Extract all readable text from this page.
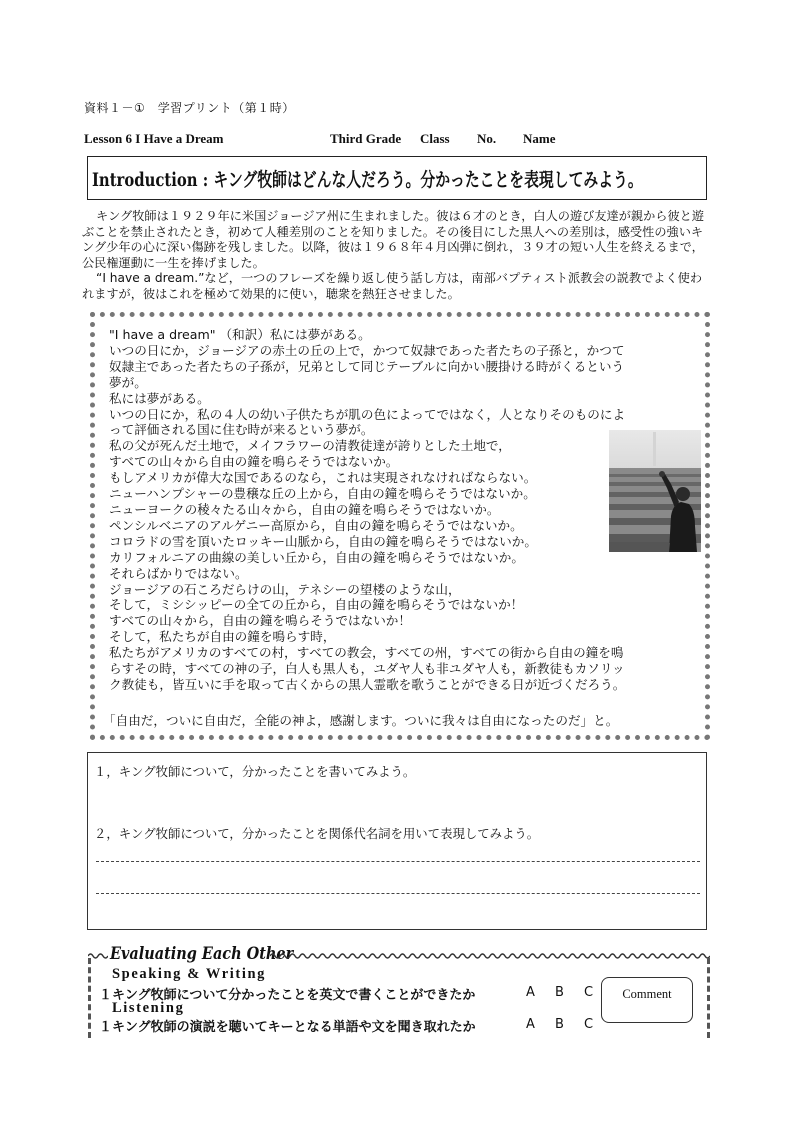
資料１－①　学習プリント（第１時）
Lesson 6 I Have a Dream	Third Grade Class No. Name
Introduction : キング牧師はどんな人だろう。分かったことを表現してみよう。

キング牧師は１９２９年に米国ジョージア州に生まれました。彼は６才のとき，白人の遊び友達が親から彼と遊ぶことを禁止されたとき，初めて人種差別のことを知りました。その後目にした黒人への差別は，感受性の強いキング少年の心に深い傷跡を残しました。以降，彼は１９６８年４月凶弾に倒れ，３９才の短い人生を終えるまで，公民権運動に一生を捧げました。

“I have a dream.”など，一つのフレーズを繰り返し使う話し方は，南部バプティスト派教会の説教でよく使われますが，彼はこれを極めて効果的に使い，聴衆を熱狂させました。

"I have a dream" （和訳）私には夢がある。
いつの日にか，ジョージアの赤土の丘の上で，かつて奴隷であった者たちの子孫と，かつて
奴隷主であった者たちの子孫が，兄弟として同じテーブルに向かい腰掛ける時がくるという
夢が。
私には夢がある。
いつの日にか，私の４人の幼い子供たちが肌の色によってではなく，人となりそのものによ
って評価される国に住む時が来るという夢が。
私の父が死んだ土地で，メイフラワーの清教徒達が誇りとした土地で，
すべての山々から自由の鐘を鳴らそうではないか。
もしアメリカが偉大な国であるのなら，これは実現されなければならない。
ニューハンプシャーの豊穣な丘の上から，自由の鐘を鳴らそうではないか。
ニューヨークの稜々たる山々から，自由の鐘を鳴らそうではないか。
ペンシルベニアのアルゲニー高原から，自由の鐘を鳴らそうではないか。
コロラドの雪を頂いたロッキー山脈から，自由の鐘を鳴らそうではないか。
カリフォルニアの曲線の美しい丘から，自由の鐘を鳴らそうではないか。
それらばかりではない。
ジョージアの石ころだらけの山，テネシーの望楼のような山，
そして，ミシシッピーの全ての丘から，自由の鐘を鳴らそうではないか！
すべての山々から，自由の鐘を鳴らそうではないか！
そして，私たちが自由の鐘を鳴らす時，
私たちがアメリカのすべての村，すべての教会，すべての州，すべての街から自由の鐘を鳴
らすその時，すべての神の子，白人も黒人も，ユダヤ人も非ユダヤ人も，新教徒もカソリッ
ク教徒も，皆互いに手を取って古くからの黒人霊歌を歌うことができる日が近づくだろう。
「自由だ，ついに自由だ，全能の神よ，感謝します。ついに我々は自由になったのだ」と。
１，キング牧師について，分かったことを書いてみよう。
２，キング牧師について，分かったことを関係代名詞を用いて表現してみよう。
Evaluating Each Other
Speaking & Writing
１キング牧師について分かったことを英文で書くことができたか	A B C
Listening
１キング牧師の演説を聴いてキーとなる単語や文を聞き取れたか	A B C
Comment
